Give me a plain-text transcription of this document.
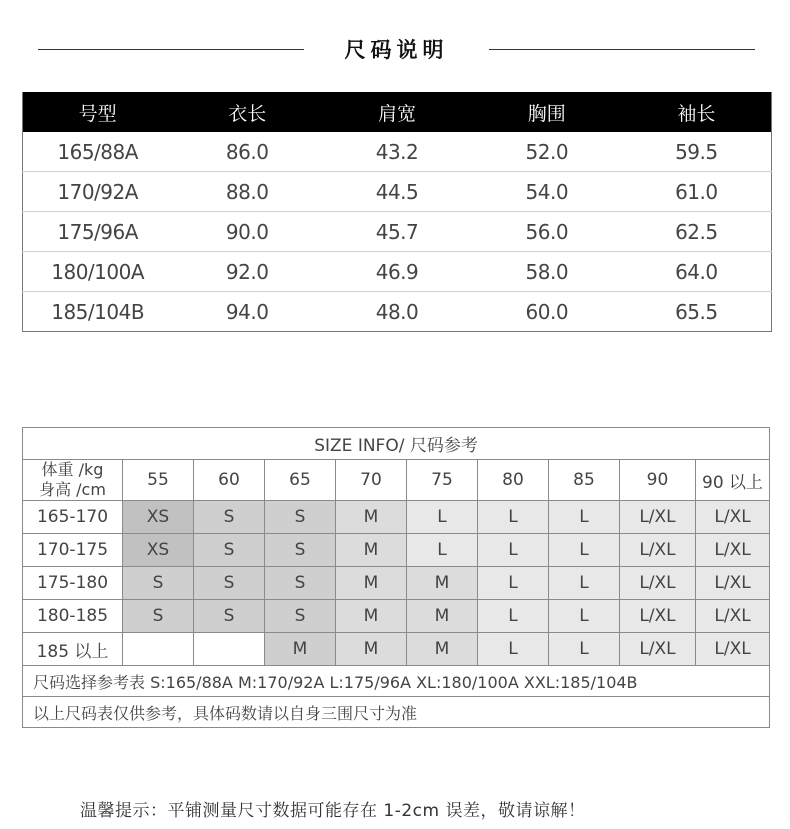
尺码说明
号型	衣长	肩宽	胸围	袖长
165/88A	86.0	43.2	52.0	59.5
170/92A	88.0	44.5	54.0	61.0
175/96A	90.0	45.7	56.0	62.5
180/100A	92.0	46.9	58.0	64.0
185/104B	94.0	48.0	60.0	65.5
SIZE INFO/ 尺码参考									

体重 /kg
身高 /cm	55	60	65	70	75	80	85	90	90 以上
165-170	XS	S	S	M	L	L	L	L/XL	L/XL
170-175	XS	S	S	M	L	L	L	L/XL	L/XL
175-180	S	S	S	M	M	L	L	L/XL	L/XL
180-185	S	S	S	M	M	L	L	L/XL	L/XL
185 以上			M	M	M	L	L	L/XL	L/XL
尺码选择参考表 S:165/88A M:170/92A L:175/96A XL:180/100A XXL:185/104B									
以上尺码表仅供参考，具体码数请以自身三围尺寸为准									
温馨提示：平铺测量尺寸数据可能存在 1-2cm 误差，敬请谅解！
